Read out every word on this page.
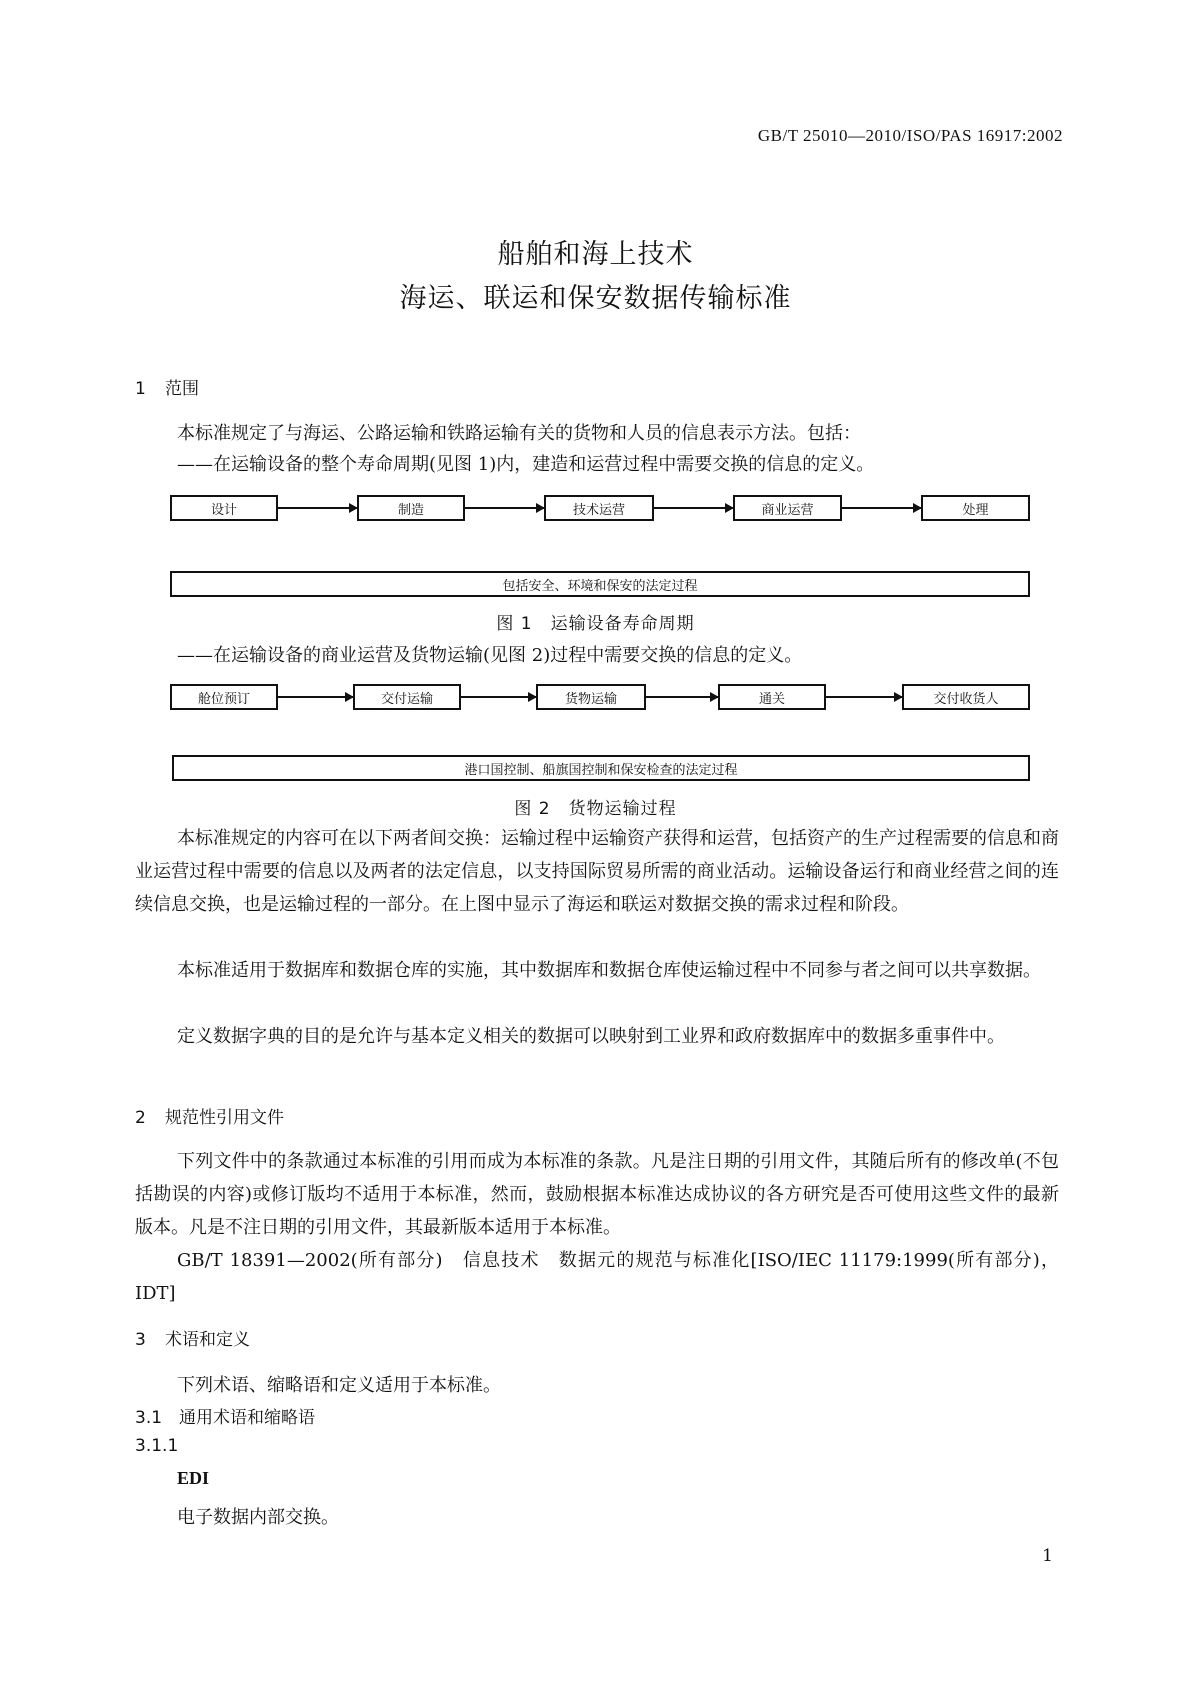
GB/T 25010—2010/ISO/PAS 16917:2002
船舶和海上技术
海运、联运和保安数据传输标准
1 范围
本标准规定了与海运、公路运输和铁路运输有关的货物和人员的信息表示方法。包括：
——在运输设备的整个寿命周期(见图 1)内，建造和运营过程中需要交换的信息的定义。
设计	制造	技术运营	商业运营	处理
包括安全、环境和保安的法定过程
图 1　运输设备寿命周期
——在运输设备的商业运营及货物运输(见图 2)过程中需要交换的信息的定义。
舱位预订	交付运输	货物运输	通关	交付收货人
港口国控制、船旗国控制和保安检查的法定过程
图 2　货物运输过程

本标准规定的内容可在以下两者间交换：运输过程中运输资产获得和运营，包括资产的生产过程需要的信息和商业运营过程中需要的信息以及两者的法定信息，以支持国际贸易所需的商业活动。运输设备运行和商业经营之间的连续信息交换，也是运输过程的一部分。在上图中显示了海运和联运对数据交换的需求过程和阶段。

本标准适用于数据库和数据仓库的实施，其中数据库和数据仓库使运输过程中不同参与者之间可以共享数据。

定义数据字典的目的是允许与基本定义相关的数据可以映射到工业界和政府数据库中的数据多重事件中。

2 规范性引用文件

下列文件中的条款通过本标准的引用而成为本标准的条款。凡是注日期的引用文件，其随后所有的修改单(不包括勘误的内容)或修订版均不适用于本标准，然而，鼓励根据本标准达成协议的各方研究是否可使用这些文件的最新版本。凡是不注日期的引用文件，其最新版本适用于本标准。

GB/T 18391—2002(所有部分)　信息技术　数据元的规范与标准化[ISO/IEC 11179:1999(所有部分)，IDT]

3 术语和定义
下列术语、缩略语和定义适用于本标准。
3.1 通用术语和缩略语
3.1.1
EDI
电子数据内部交换。
1
